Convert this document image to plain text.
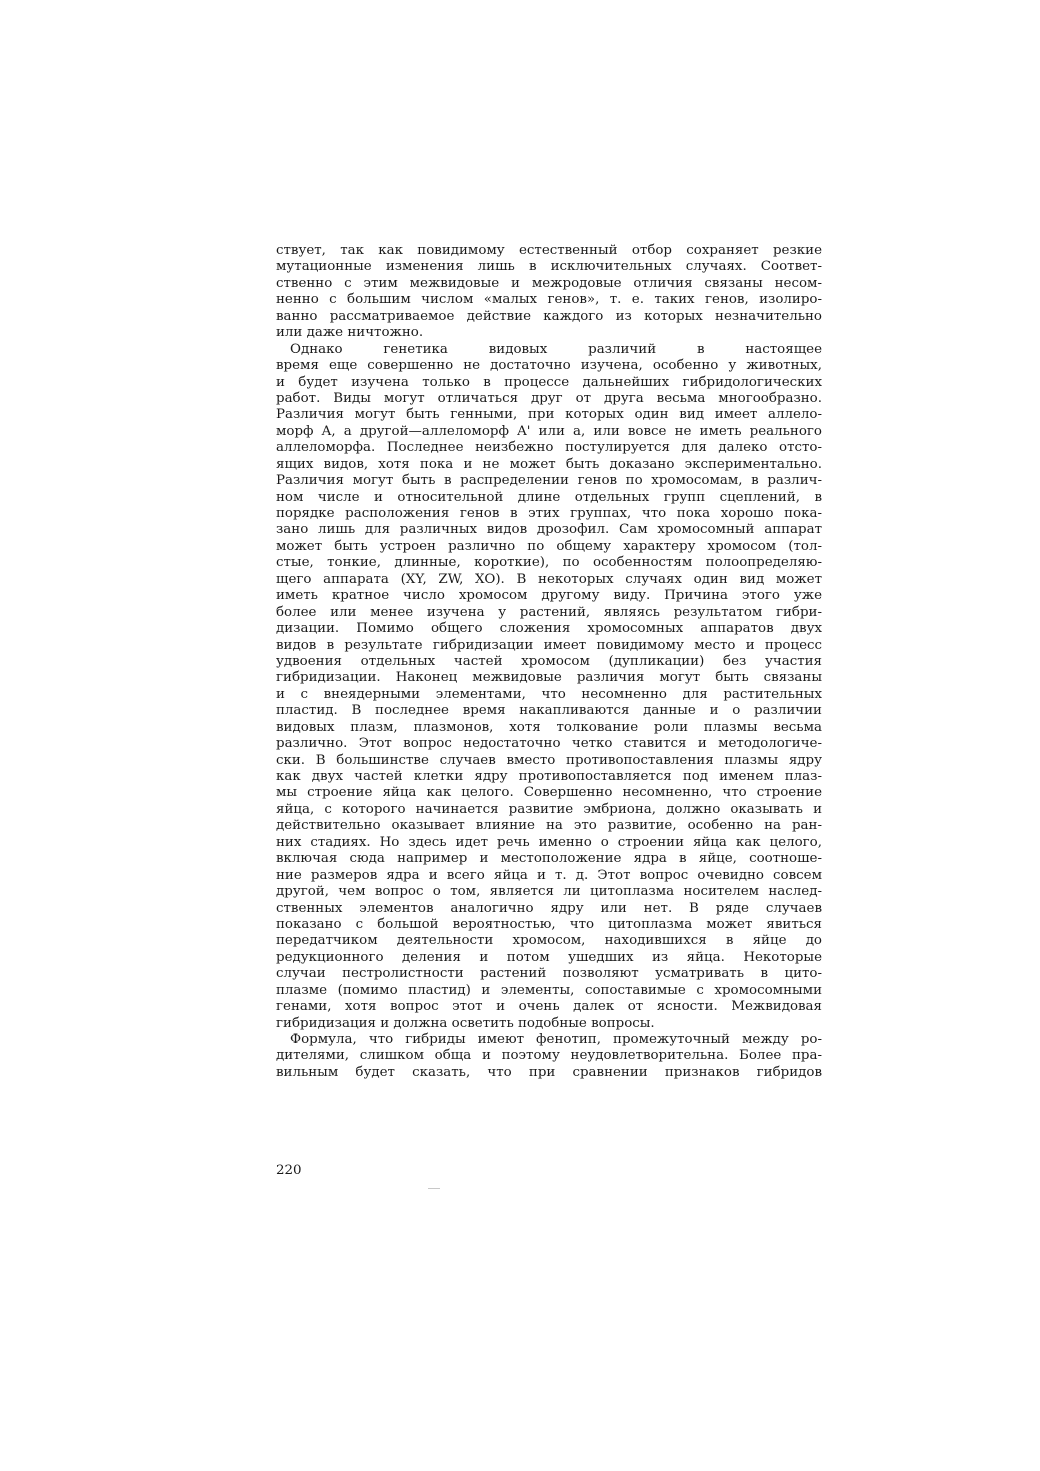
ствует, так как повидимому естественный отбор сохраняет резкие
мутационные изменения лишь в исключительных случаях. Соответ-
ственно с этим межвидовые и межродовые отличия связаны несом-
ненно с большим числом «малых генов», т. е. таких генов, изолиро-
ванно рассматриваемое действие каждого из которых незначительно
или даже ничтожно.
Однако генетика видовых различий в настоящее
время еще совершенно не достаточно изучена, особенно у животных,
и будет изучена только в процессе дальнейших гибридологических
работ. Виды могут отличаться друг от друга весьма многообразно.
Различия могут быть генными, при которых один вид имеет аллело-
морф A, а другой—аллеломорф A' или a, или вовсе не иметь реального
аллеломорфа. Последнее неизбежно постулируется для далеко отсто-
ящих видов, хотя пока и не может быть доказано экспериментально.
Различия могут быть в распределении генов по хромосомам, в различ-
ном числе и относительной длине отдельных групп сцеплений, в
порядке расположения генов в этих группах, что пока хорошо пока-
зано лишь для различных видов дрозофил. Сам хромосомный аппарат
может быть устроен различно по общему характеру хромосом (тол-
стые, тонкие, длинные, короткие), по особенностям полоопределяю-
щего аппарата (XY, ZW, XO). В некоторых случаях один вид может
иметь кратное число хромосом другому виду. Причина этого уже
более или менее изучена у растений, являясь результатом гибри-
дизации. Помимо общего сложения хромосомных аппаратов двух
видов в результате гибридизации имеет повидимому место и процесс
удвоения отдельных частей хромосом (дупликации) без участия
гибридизации. Наконец межвидовые различия могут быть связаны
и с внеядерными элементами, что несомненно для растительных
пластид. В последнее время накапливаются данные и о различии
видовых плазм, плазмонов, хотя толкование роли плазмы весьма
различно. Этот вопрос недостаточно четко ставится и методологиче-
ски. В большинстве случаев вместо противопоставления плазмы ядру
как двух частей клетки ядру противопоставляется под именем плаз-
мы строение яйца как целого. Совершенно несомненно, что строение
яйца, с которого начинается развитие эмбриона, должно оказывать и
действительно оказывает влияние на это развитие, особенно на ран-
них стадиях. Но здесь идет речь именно о строении яйца как целого,
включая сюда например и местоположение ядра в яйце, соотноше-
ние размеров ядра и всего яйца и т. д. Этот вопрос очевидно совсем
другой, чем вопрос о том, является ли цитоплазма носителем наслед-
ственных элементов аналогично ядру или нет. В ряде случаев
показано с большой вероятностью, что цитоплазма может явиться
передатчиком деятельности хромосом, находившихся в яйце до
редукционного деления и потом ушедших из яйца. Некоторые
случаи пестролистности растений позволяют усматривать в цито-
плазме (помимо пластид) и элементы, сопоставимые с хромосомными
генами, хотя вопрос этот и очень далек от ясности. Межвидовая
гибридизация и должна осветить подобные вопросы.
Формула, что гибриды имеют фенотип, промежуточный между ро-
дителями, слишком обща и поэтому неудовлетворительна. Более пра-
вильным будет сказать, что при сравнении признаков гибридов
220
